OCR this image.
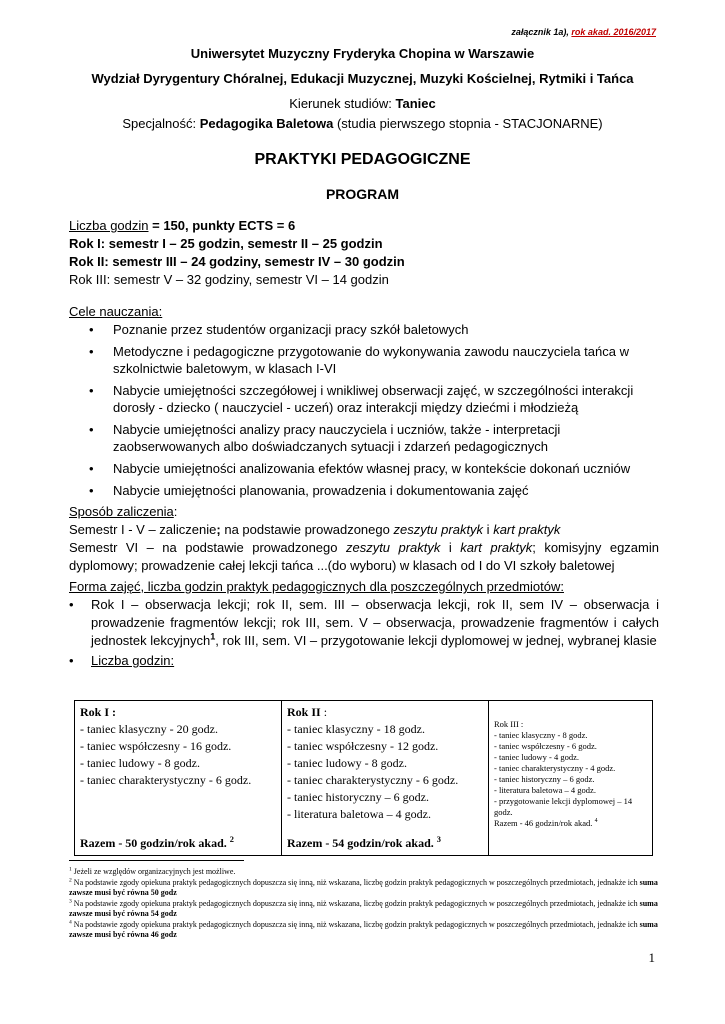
załącznik 1a), rok akad. 2016/2017
Uniwersytet Muzyczny Fryderyka Chopina w Warszawie
Wydział Dyrygentury Chóralnej, Edukacji Muzycznej, Muzyki Kościelnej, Rytmiki i Tańca
Kierunek studiów: Taniec
Specjalność: Pedagogika Baletowa (studia pierwszego stopnia - STACJONARNE)
PRAKTYKI PEDAGOGICZNE
PROGRAM
Liczba godzin = 150, punkty ECTS = 6
Rok I: semestr I – 25 godzin, semestr II – 25 godzin
Rok II: semestr III – 24 godziny, semestr IV – 30 godzin
Rok III: semestr V – 32 godziny, semestr VI – 14 godzin
Cele nauczania:
• Poznanie przez studentów organizacji pracy szkół baletowych
• Metodyczne i pedagogiczne przygotowanie do wykonywania zawodu nauczyciela tańca w szkolnictwie baletowym, w klasach I-VI
• Nabycie umiejętności szczegółowej i wnikliwej obserwacji zajęć, w szczególności interakcji dorosły - dziecko ( nauczyciel - uczeń) oraz interakcji między dziećmi i młodzieżą
• Nabycie umiejętności analizy pracy nauczyciela i uczniów, także - interpretacji zaobserwowanych albo doświadczanych sytuacji i zdarzeń pedagogicznych
• Nabycie umiejętności analizowania efektów własnej pracy, w kontekście dokonań uczniów
• Nabycie umiejętności planowania, prowadzenia i dokumentowania zajęć
Sposób zaliczenia:
Semestr I - V – zaliczenie; na podstawie prowadzonego zeszytu praktyk i kart praktyk
Semestr VI – na podstawie prowadzonego zeszytu praktyk i kart praktyk; komisyjny egzamin dyplomowy; prowadzenie całej lekcji tańca ...(do wyboru) w klasach od I do VI szkoły baletowej
Forma zajęć, liczba godzin praktyk pedagogicznych dla poszczególnych przedmiotów:
• Rok I – obserwacja lekcji; rok II, sem. III – obserwacja lekcji, rok II, sem IV – obserwacja i prowadzenie fragmentów lekcji; rok III, sem. V – obserwacja, prowadzenie fragmentów i całych jednostek lekcyjnych$^1$, rok III, sem. VI – przygotowanie lekcji dyplomowej w jednej, wybranej klasie
• Liczba godzin:
Rok I :
- taniec klasyczny - 20 godz.
- taniec współczesny - 16 godz.
- taniec ludowy - 8 godz.
- taniec charakterystyczny - 6 godz.
Razem - 50 godzin/rok akad. $^2$

Rok II :
- taniec klasyczny - 18 godz.
- taniec współczesny - 12 godz.
- taniec ludowy - 8 godz.
- taniec charakterystyczny - 6 godz.
- taniec historyczny – 6 godz.
- literatura baletowa – 4 godz.
Razem - 54 godzin/rok akad. $^3$

Rok III :
- taniec klasyczny - 8 godz.
- taniec współczesny - 6 godz.
- taniec ludowy - 4 godz.
- taniec charakterystyczny - 4 godz.
- taniec historyczny – 6 godz.
- literatura baletowa – 4 godz.
- przygotowanie lekcji dyplomowej – 14 godz.
Razem - 46 godzin/rok akad. $^4$
$^1$ Jeżeli ze względów organizacyjnych jest możliwe.
$^2$ Na podstawie zgody opiekuna praktyk pedagogicznych dopuszcza się inną, niż wskazana, liczbę godzin praktyk pedagogicznych w poszczególnych przedmiotach, jednakże ich suma zawsze musi być równa 50 godz
$^3$ Na podstawie zgody opiekuna praktyk pedagogicznych dopuszcza się inną, niż wskazana, liczbę godzin praktyk pedagogicznych w poszczególnych przedmiotach, jednakże ich suma zawsze musi być równa 54 godz
$^4$ Na podstawie zgody opiekuna praktyk pedagogicznych dopuszcza się inną, niż wskazana, liczbę godzin praktyk pedagogicznych w poszczególnych przedmiotach, jednakże ich suma zawsze musi być równa 46 godz
1
